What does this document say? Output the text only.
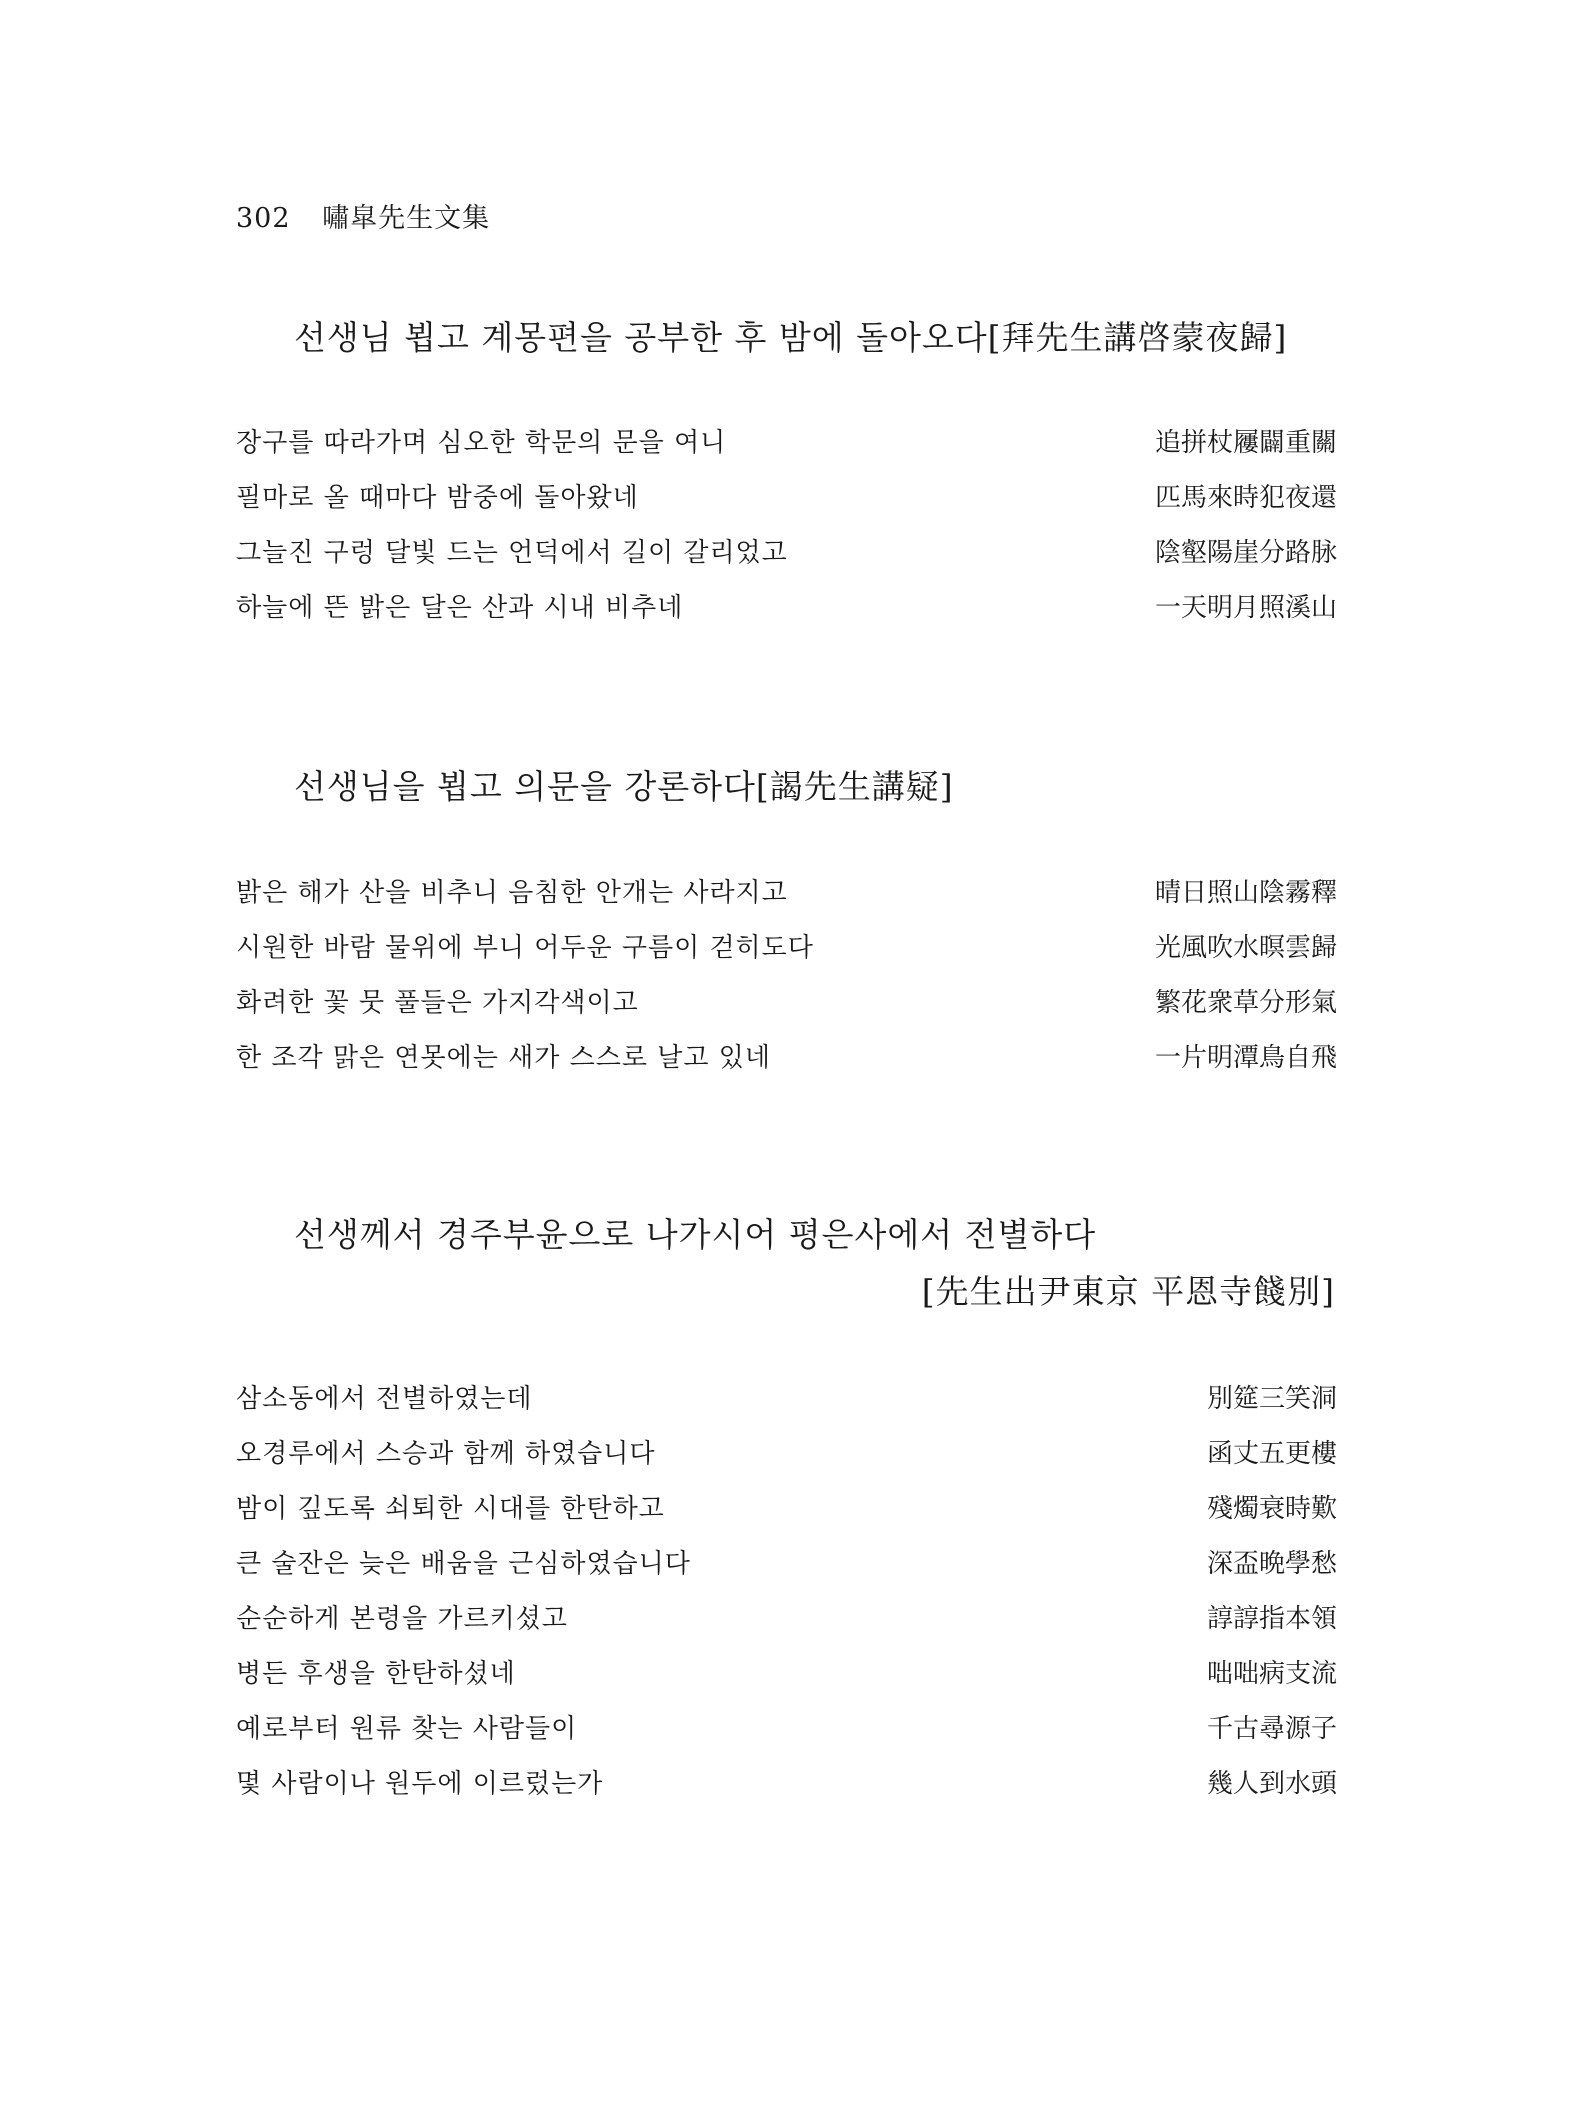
302 嘯皐先生文集
선생님 뵙고 계몽편을 공부한 후 밤에 돌아오다[拜先生講啓蒙夜歸]
장구를 따라가며 심오한 학문의 문을 여니	追拼杖屨闢重關
필마로 올 때마다 밤중에 돌아왔네	匹馬來時犯夜還
그늘진 구렁 달빛 드는 언덕에서 길이 갈리었고	陰壑陽崖分路脉
하늘에 뜬 밝은 달은 산과 시내 비추네	一天明月照溪山
선생님을 뵙고 의문을 강론하다[謁先生講疑]
밝은 해가 산을 비추니 음침한 안개는 사라지고	晴日照山陰霧釋
시원한 바람 물위에 부니 어두운 구름이 걷히도다	光風吹水暝雲歸
화려한 꽃 뭇 풀들은 가지각색이고	繁花衆草分形氣
한 조각 맑은 연못에는 새가 스스로 날고 있네	一片明潭鳥自飛
선생께서 경주부윤으로 나가시어 평은사에서 전별하다
[先生出尹東京 平恩寺餞別]
삼소동에서 전별하였는데	別筵三笑洞
오경루에서 스승과 함께 하였습니다	函丈五更樓
밤이 깊도록 쇠퇴한 시대를 한탄하고	殘燭衰時歎
큰 술잔은 늦은 배움을 근심하였습니다	深盃晩學愁
순순하게 본령을 가르키셨고	諄諄指本領
병든 후생을 한탄하셨네	咄咄病支流
예로부터 원류 찾는 사람들이	千古尋源子
몇 사람이나 원두에 이르렀는가	幾人到水頭
